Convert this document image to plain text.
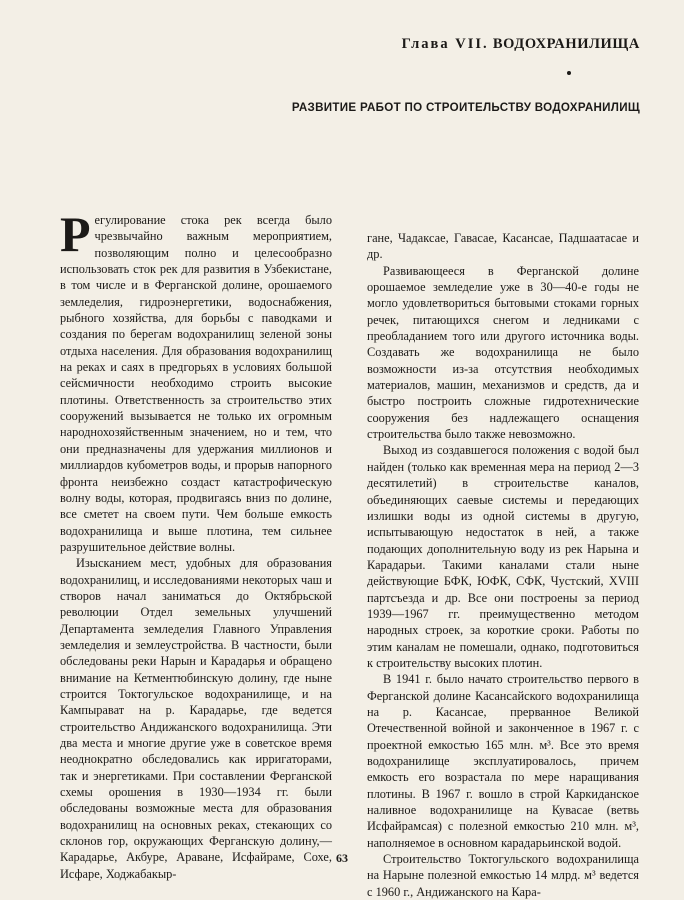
Глава VII. ВОДОХРАНИЛИЩА
РАЗВИТИЕ РАБОТ ПО СТРОИТЕЛЬСТВУ ВОДОХРАНИЛИЩ

Р егулирование стока рек всегда было чрезвычайно важным мероприятием, позволяющим полно и целесообразно использовать сток рек для развития в Узбекистане, в том числе и в Ферганской долине, орошаемого земледелия, гидроэнергетики, водоснабжения, рыбного хозяйства, для борьбы с паводками и создания по берегам водохранилищ зеленой зоны отдыха населения. Для образования водохранилищ на реках и саях в предгорьях в условиях большой сейсмичности необходимо строить высокие плотины. Ответственность за строительство этих сооружений вызывается не только их огромным народнохозяйственным значением, но и тем, что они предназначены для удержания миллионов и миллиардов кубометров воды, и прорыв напорного фронта неизбежно создаст катастрофическую волну воды, которая, продвигаясь вниз по долине, все сметет на своем пути. Чем больше емкость водохранилища и выше плотина, тем сильнее разрушительное действие волны.

Изысканием мест, удобных для образования водохранилищ, и исследованиями некоторых чаш и створов начал заниматься до Октябрьской революции Отдел земельных улучшений Департамента земледелия Главного Управления земледелия и землеустройства. В частности, были обследованы реки Нарын и Карадарья и обращено внимание на Кетментюбинскую долину, где ныне строится Токтогульское водохранилище, и на Кампырават на р. Карадарье, где ведется строительство Андижанского водохранилища. Эти два места и многие другие уже в советское время неоднократно обследовались как ирригаторами, так и энергетиками. При составлении Ферганской схемы орошения в 1930—1934 гг. были обследованы возможные места для образования водохранилищ на основных реках, стекающих со склонов гор, окружающих Ферганскую долину,— Карадарье, Акбуре, Араване, Исфайраме, Сохе, Исфаре, Ходжабакыр-

гане, Чадаксае, Гавасае, Касансае, Падшаатасае и др.

Развивающееся в Ферганской долине орошаемое земледелие уже в 30—40-е годы не могло удовлетвориться бытовыми стоками горных речек, питающихся снегом и ледниками с преобладанием того или другого источника воды. Создавать же водохранилища не было возможности из-за отсутствия необходимых материалов, машин, механизмов и средств, да и быстро построить сложные гидротехнические сооружения без надлежащего оснащения строительства было также невозможно.

Выход из создавшегося положения с водой был найден (только как временная мера на период 2—3 десятилетий) в строительстве каналов, объединяющих саевые системы и передающих излишки воды из одной системы в другую, испытывающую недостаток в ней, а также подающих дополнительную воду из рек Нарына и Карадарьи. Такими каналами стали ныне действующие БФК, ЮФК, СФК, Чустский, XVIII партсъезда и др. Все они построены за период 1939—1967 гг. преимущественно методом народных строек, за короткие сроки. Работы по этим каналам не помешали, однако, подготовиться к строительству высоких плотин.

В 1941 г. было начато строительство первого в Ферганской долине Касансайского водохранилища на р. Касансае, прерванное Великой Отечественной войной и законченное в 1967 г. с проектной емкостью 165 млн. м³. Все это время водохранилище эксплуатировалось, причем емкость его возрастала по мере наращивания плотины. В 1967 г. вошло в строй Каркиданское наливное водохранилище на Кувасае (ветвь Исфайрамсая) с полезной емкостью 210 млн. м³, наполняемое в основном карадарьинской водой.

Строительство Токтогульского водохранилища на Нарыне полезной емкостью 14 млрд. м³ ведется с 1960 г., Андижанского на Кара-

63
